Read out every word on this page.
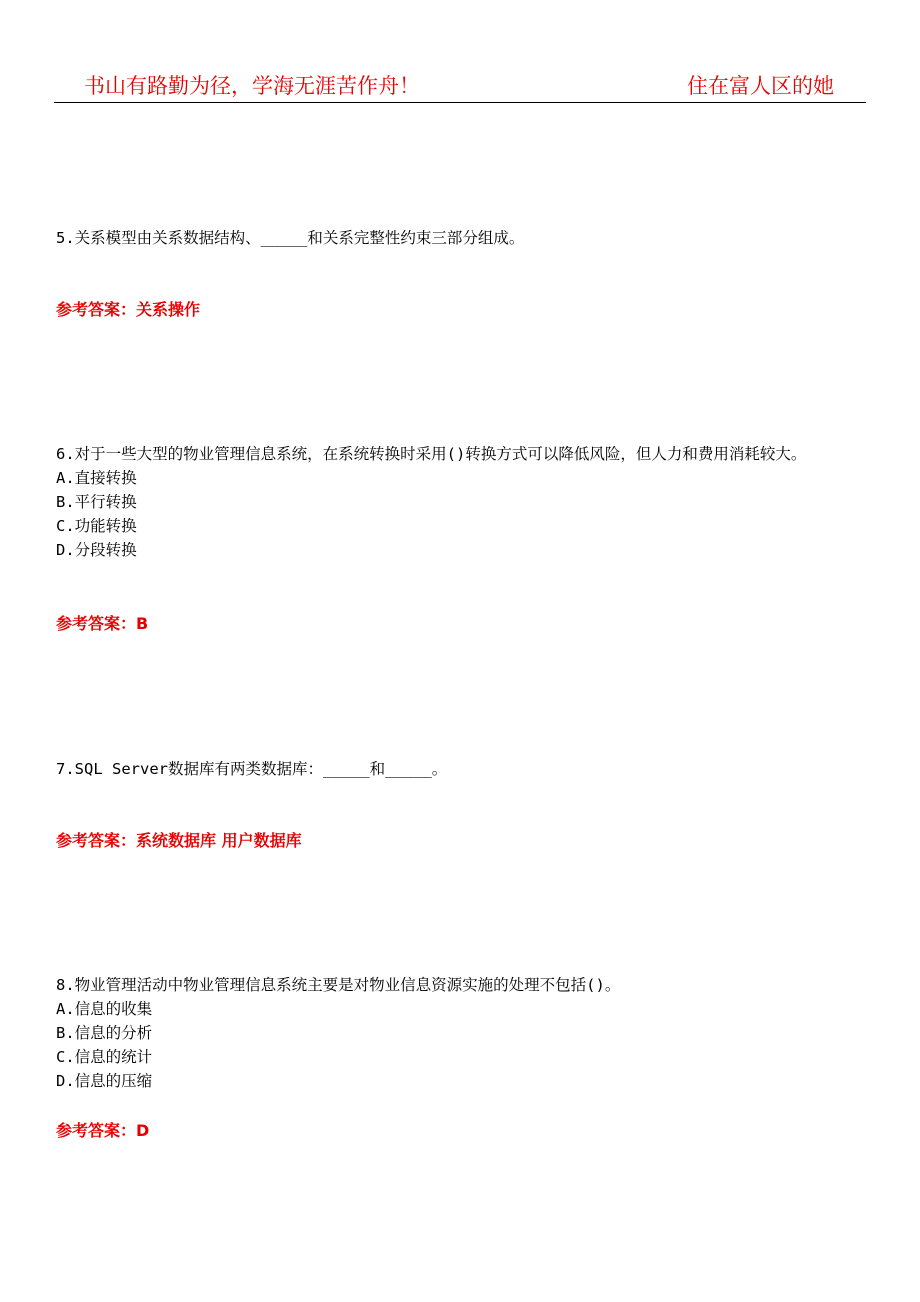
书山有路勤为径，学海无涯苦作舟！	住在富人区的她

5.关系模型由关系数据结构、_____和关系完整性约束三部分组成。

参考答案：关系操作

6.对于一些大型的物业管理信息系统，在系统转换时采用()转换方式可以降低风险，但人力和费用消耗较大。

A.直接转换

B.平行转换

C.功能转换

D.分段转换

参考答案：B

7.SQL Server数据库有两类数据库：_____和_____。

参考答案：系统数据库 用户数据库

8.物业管理活动中物业管理信息系统主要是对物业信息资源实施的处理不包括()。

A.信息的收集

B.信息的分析

C.信息的统计

D.信息的压缩

参考答案：D
